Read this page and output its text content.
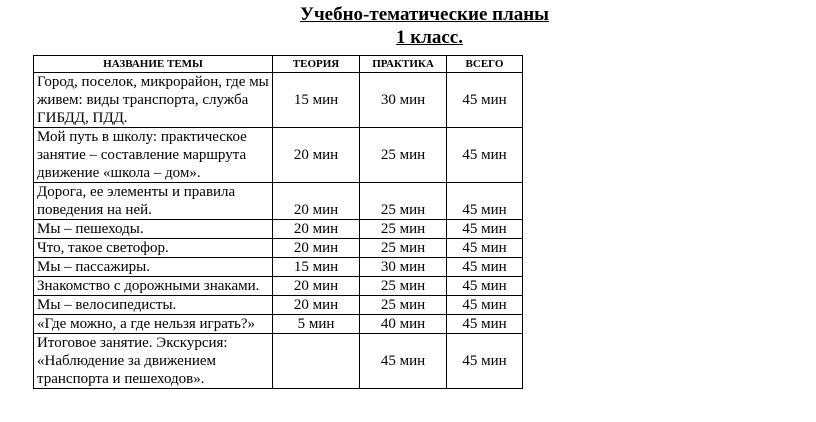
Учебно-тематические планы
1 класс.
НАЗВАНИЕ ТЕМЫ	ТЕОРИЯ	ПРАКТИКА	ВСЕГО
Город, поселок, микрорайон, где мы живем: виды транспорта, служба ГИБДД, ПДД.	15 мин	30 мин	45 мин
Мой путь в школу: практическое занятие – составление маршрута движение «школа – дом».	20 мин	25 мин	45 мин
Дорога, ее элементы и правила поведения на ней.	20 мин	25 мин	45 мин
Мы – пешеходы.	20 мин	25 мин	45 мин
Что, такое светофор.	20 мин	25 мин	45 мин
Мы – пассажиры.	15 мин	30 мин	45 мин
Знакомство с дорожными знаками.	20 мин	25 мин	45 мин
Мы – велосипедисты.	20 мин	25 мин	45 мин
«Где можно, а где нельзя играть?»	5 мин	40 мин	45 мин
Итоговое занятие. Экскурсия: «Наблюдение за движением транспорта и пешеходов».		45 мин	45 мин
